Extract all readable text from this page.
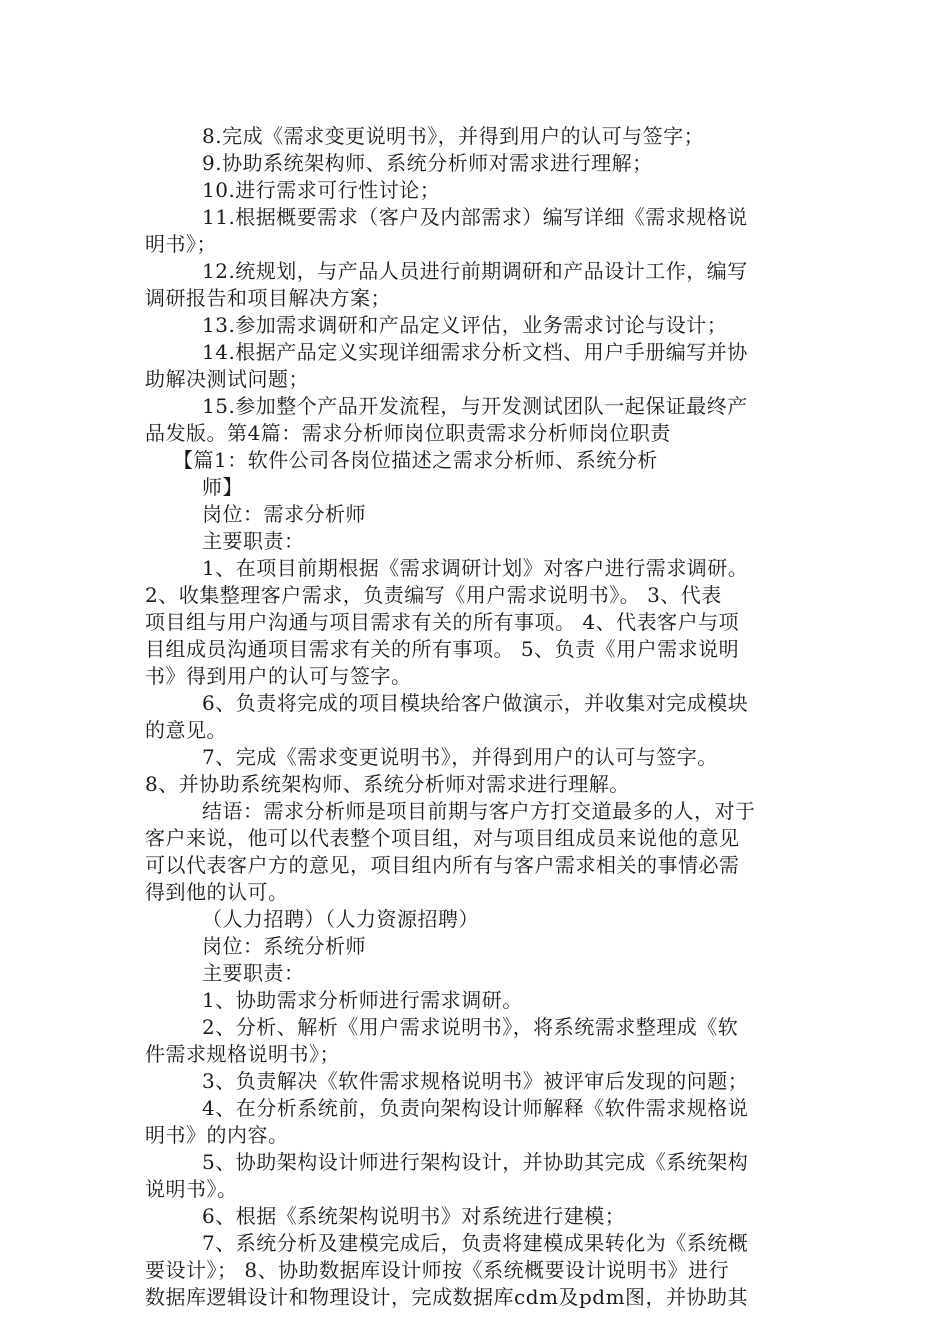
8.完成《需求变更说明书》，并得到用户的认可与签字；

9.协助系统架构师、系统分析师对需求进行理解；

10.进行需求可行性讨论；

11.根据概要需求（客户及内部需求）编写详细《需求规格说

明书》；

12.统规划，与产品人员进行前期调研和产品设计工作，编写

调研报告和项目解决方案；

13.参加需求调研和产品定义评估，业务需求讨论与设计；

14.根据产品定义实现详细需求分析文档、用户手册编写并协

助解决测试问题；

15.参加整个产品开发流程，与开发测试团队一起保证最终产

品发版。第4篇：需求分析师岗位职责需求分析师岗位职责

【篇1：软件公司各岗位描述之需求分析师、系统分析

师】

岗位：需求分析师

主要职责：

1、在项目前期根据《需求调研计划》对客户进行需求调研。

2、收集整理客户需求，负责编写《用户需求说明书》。 3、代表

项目组与用户沟通与项目需求有关的所有事项。 4、代表客户与项

目组成员沟通项目需求有关的所有事项。 5、负责《用户需求说明

书》得到用户的认可与签字。

6、负责将完成的项目模块给客户做演示，并收集对完成模块

的意见。

7、完成《需求变更说明书》，并得到用户的认可与签字。

8、并协助系统架构师、系统分析师对需求进行理解。

结语：需求分析师是项目前期与客户方打交道最多的人，对于

客户来说，他可以代表整个项目组，对与项目组成员来说他的意见

可以代表客户方的意见，项目组内所有与客户需求相关的事情必需

得到他的认可。

（人力招聘）（人力资源招聘）

岗位：系统分析师

主要职责：

1、协助需求分析师进行需求调研。

2、分析、解析《用户需求说明书》，将系统需求整理成《软

件需求规格说明书》；

3、负责解决《软件需求规格说明书》被评审后发现的问题；

4、在分析系统前，负责向架构设计师解释《软件需求规格说

明书》的内容。

5、协助架构设计师进行架构设计，并协助其完成《系统架构

说明书》。

6、根据《系统架构说明书》对系统进行建模；

7、系统分析及建模完成后，负责将建模成果转化为《系统概

要设计》； 8、协助数据库设计师按《系统概要设计说明书》进行

数据库逻辑设计和物理设计，完成数据库cdm及pdm图，并协助其
